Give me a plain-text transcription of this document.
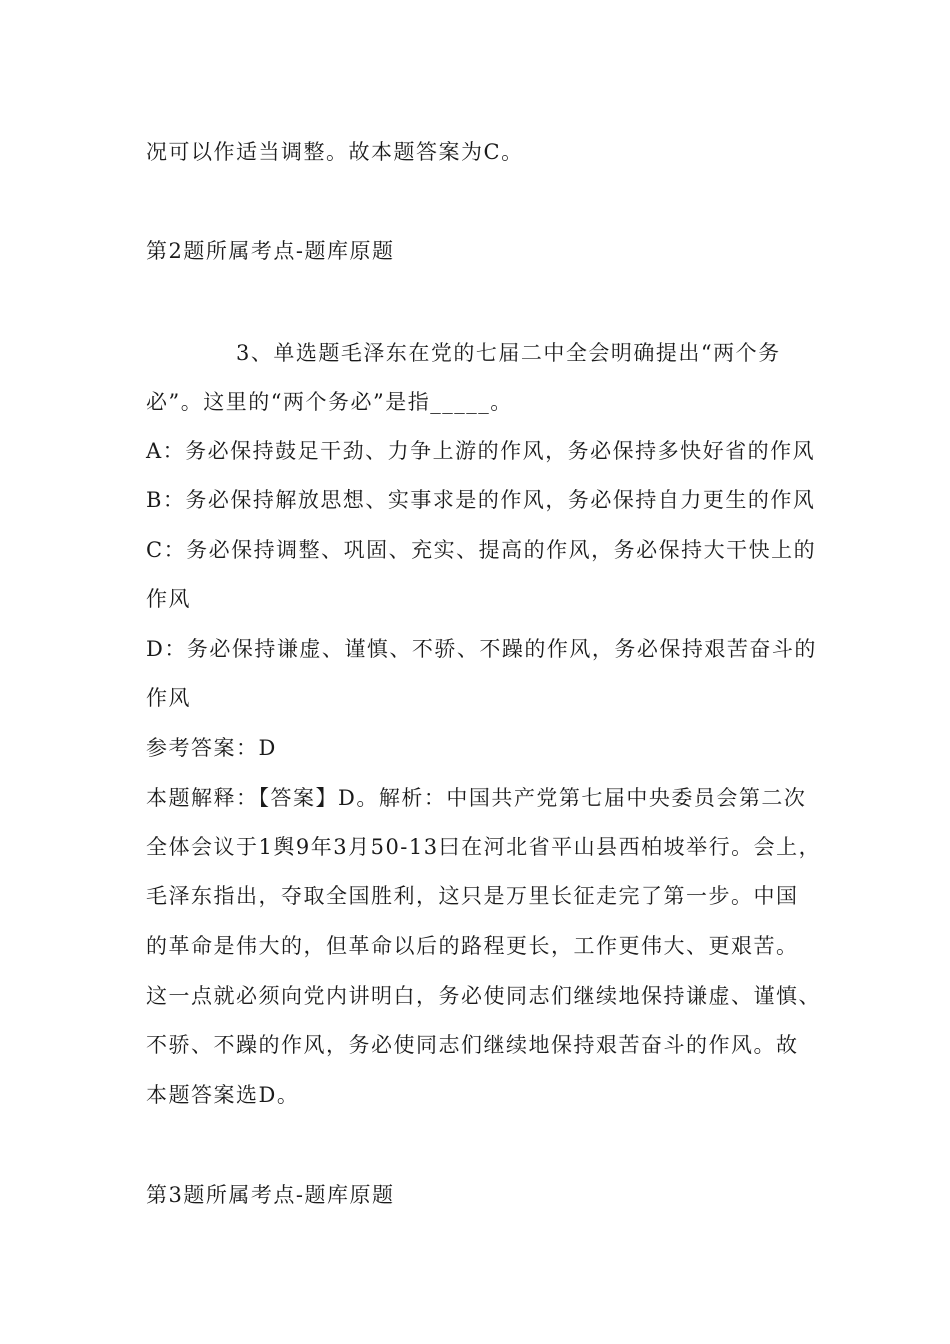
况可以作适当调整。故本题答案为C。
第2题所属考点-题库原题
3、单选题毛泽东在党的七届二中全会明确提出“两个务
必”。这里的“两个务必”是指_____。
A：务必保持鼓足干劲、力争上游的作风，务必保持多快好省的作风
B：务必保持解放思想、实事求是的作风，务必保持自力更生的作风
C：务必保持调整、巩固、充实、提高的作风，务必保持大干快上的
作风
D：务必保持谦虚、谨慎、不骄、不躁的作风，务必保持艰苦奋斗的
作风
参考答案：D
本题解释：【答案】D。解析：中国共产党第七届中央委员会第二次
全体会议于1舆9年3月50-13曰在河北省平山县西柏坡举行。会上，
毛泽东指出，夺取全国胜利，这只是万里长征走完了第一步。中国
的革命是伟大的，但革命以后的路程更长，工作更伟大、更艰苦。
这一点就必须向党内讲明白，务必使同志们继续地保持谦虚、谨慎、
不骄、不躁的作风，务必使同志们继续地保持艰苦奋斗的作风。故
本题答案选D。
第3题所属考点-题库原题
